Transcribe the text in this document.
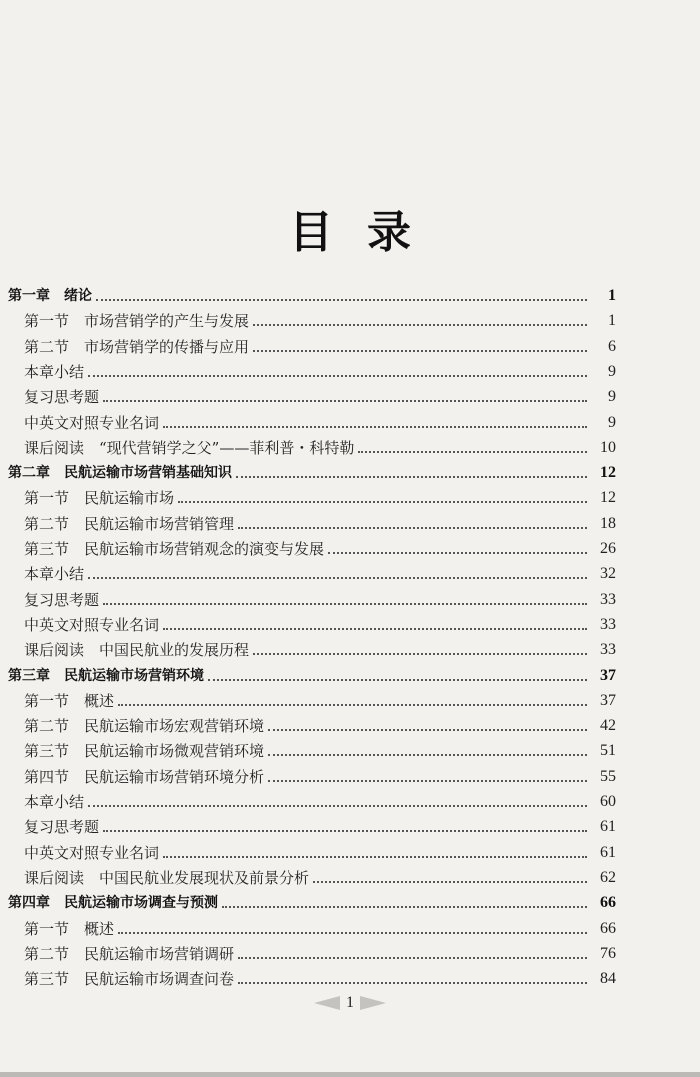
目录
第一章　绪论	1
第一节　市场营销学的产生与发展	1
第二节　市场营销学的传播与应用	6
本章小结	9
复习思考题	9
中英文对照专业名词	9
课后阅读　“现代营销学之父”——菲利普・科特勒	10
第二章　民航运输市场营销基础知识	12
第一节　民航运输市场	12
第二节　民航运输市场营销管理	18
第三节　民航运输市场营销观念的演变与发展	26
本章小结	32
复习思考题	33
中英文对照专业名词	33
课后阅读　中国民航业的发展历程	33
第三章　民航运输市场营销环境	37
第一节　概述	37
第二节　民航运输市场宏观营销环境	42
第三节　民航运输市场微观营销环境	51
第四节　民航运输市场营销环境分析	55
本章小结	60
复习思考题	61
中英文对照专业名词	61
课后阅读　中国民航业发展现状及前景分析	62
第四章　民航运输市场调查与预测	66
第一节　概述	66
第二节　民航运输市场营销调研	76
第三节　民航运输市场调查问卷	84
1
